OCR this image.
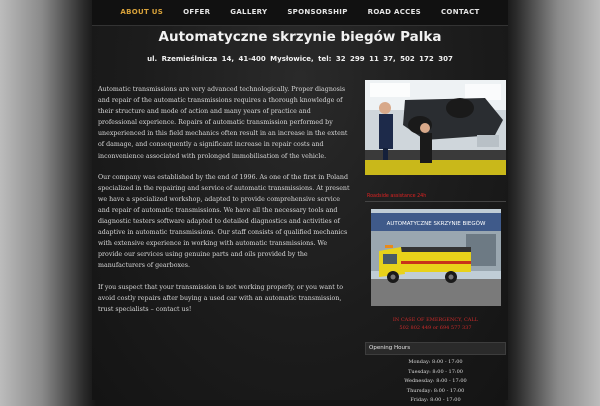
ABOUT US	OFFER	GALLERY	SPONSORSHIP	ROAD ACCES	CONTACT
Automatyczne skrzynie biegów Palka
ul. Rzemieślnicza 14, 41-400 Mysłowice, tel: 32 299 11 37, 502 172 307

Automatic transmissions are very advanced technologically. Proper diagnosis and repair of the automatic transmissions requires a thorough knowledge of their structure and mode of action and many years of practice and professional experience. Repairs of automatic transmission performed by unexperienced in this field mechanics often result in an increase in the extent of damage, and consequently a significant increase in repair costs and inconvenience associated with prolonged immobilisation of the vehicle.

Our company was established by the end of 1996. As one of the first in Poland specialized in the repairing and service of automatic transmissions. At present we have a specialized workshop, adapted to provide comprehensive service and repair of automatic transmissions. We have all the necessary tools and diagnostic testers software adapted to detailed diagnostics and activities of adaptive in automatic transmissions. Our staff consists of qualified mechanics with extensive experience in working with automatic transmissions. We provide our services using genuine parts and oils provided by the manufacturers of gearboxes.

If you suspect that your transmission is not working properly, or you want to avoid costly repairs after buying a used car with an automatic transmission, trust specialists – contact us!

Roadside assistance 24h
AUTOMATYCZNE SKRZYNIE BIEGÓW
IN CASE OF EMERGENCY, CALL
502 802 449 or 694 577 337
Opening Hours
Monday: 8:00 - 17:00
Tuesday: 8:00 - 17:00
Wednesday: 8:00 - 17:00
Thursday: 8:00 - 17:00
Friday: 8:00 - 17:00
